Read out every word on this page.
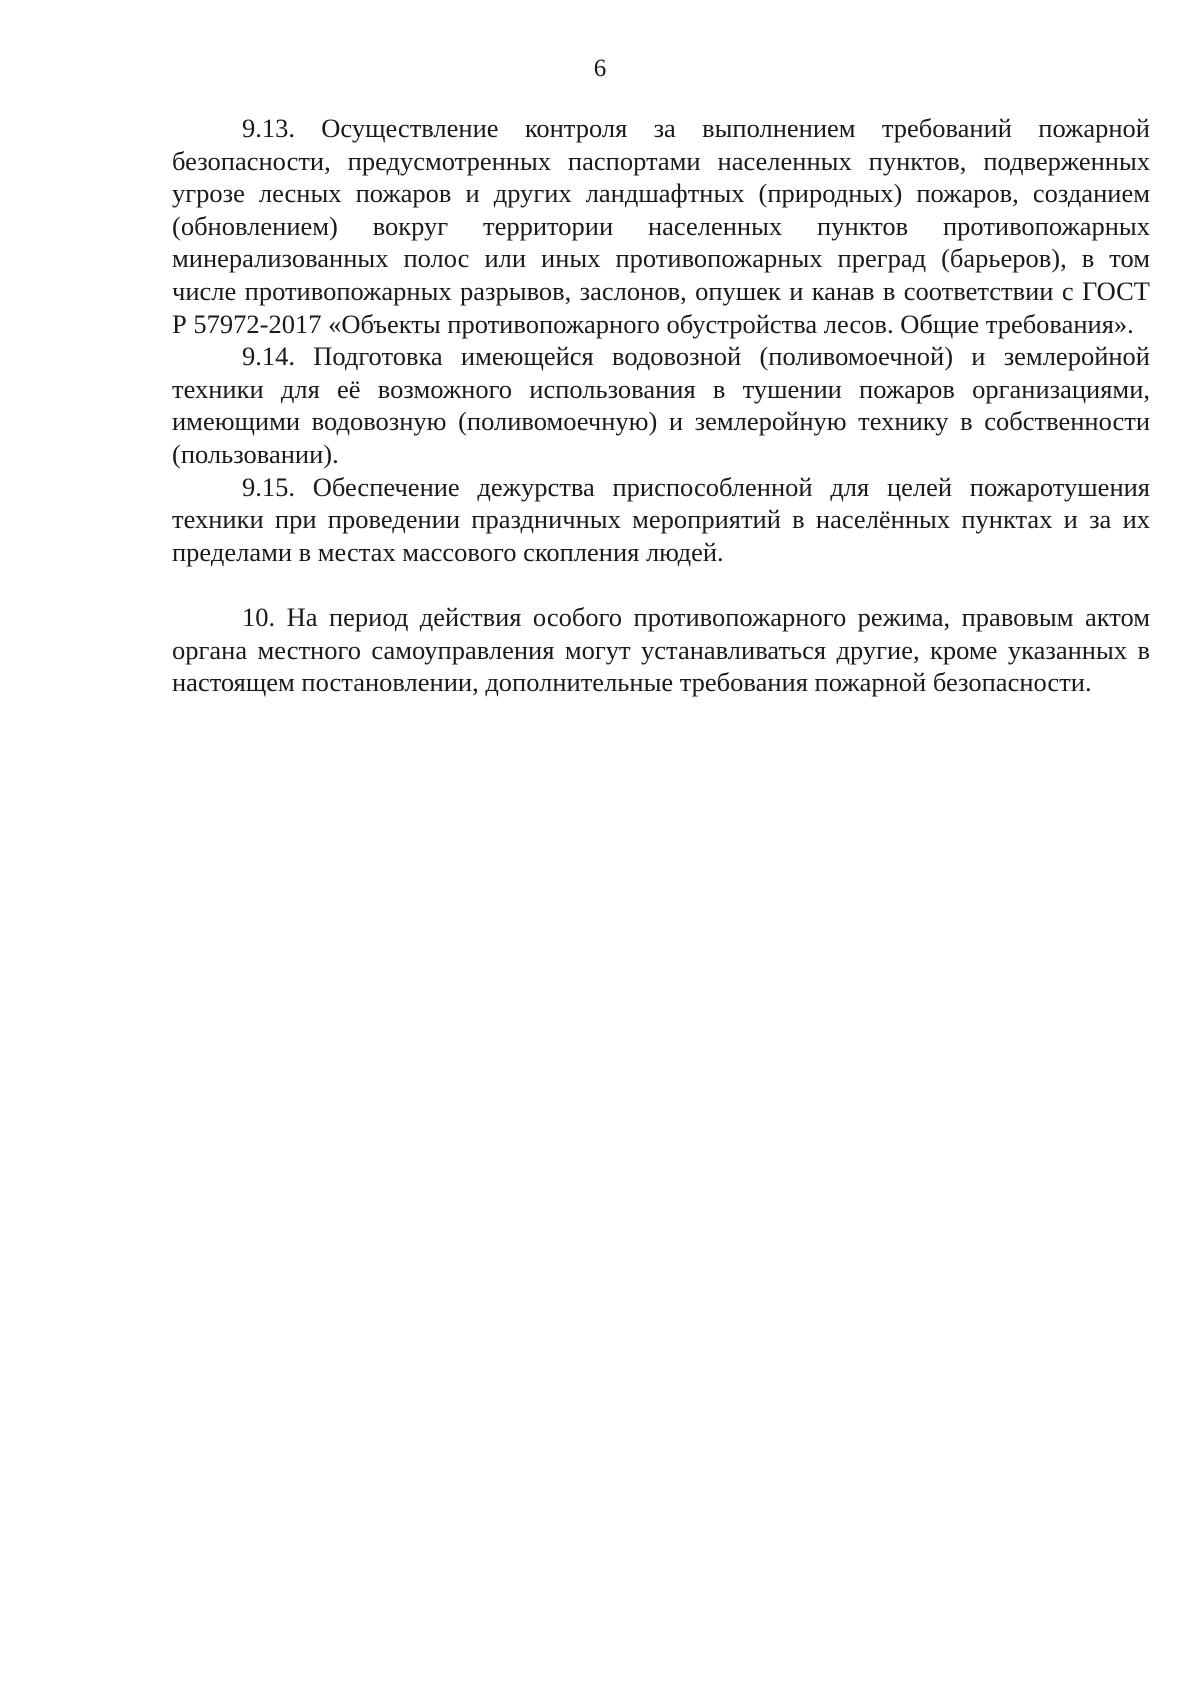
6

9.13. Осуществление контроля за выполнением требований пожарной безопасности, предусмотренных паспортами населенных пунктов, подверженных угрозе лесных пожаров и других ландшафтных (природных) пожаров, созданием (обновлением) вокруг территории населенных пунктов противопожарных минерализованных полос или иных противопожарных преград (барьеров), в том числе противопожарных разрывов, заслонов, опушек и канав в соответствии с ГОСТ Р 57972-2017 «Объекты противопожарного обустройства лесов. Общие требования».

9.14. Подготовка имеющейся водовозной (поливомоечной) и землеройной техники для её возможного использования в тушении пожаров организациями, имеющими водовозную (поливомоечную) и землеройную технику в собственности (пользовании).

9.15. Обеспечение дежурства приспособленной для целей пожаротушения техники при проведении праздничных мероприятий в населённых пунктах и за их пределами в местах массового скопления людей.

10. На период действия особого противопожарного режима, правовым актом органа местного самоуправления могут устанавливаться другие, кроме указанных в настоящем постановлении, дополнительные требования пожарной безопасности.
